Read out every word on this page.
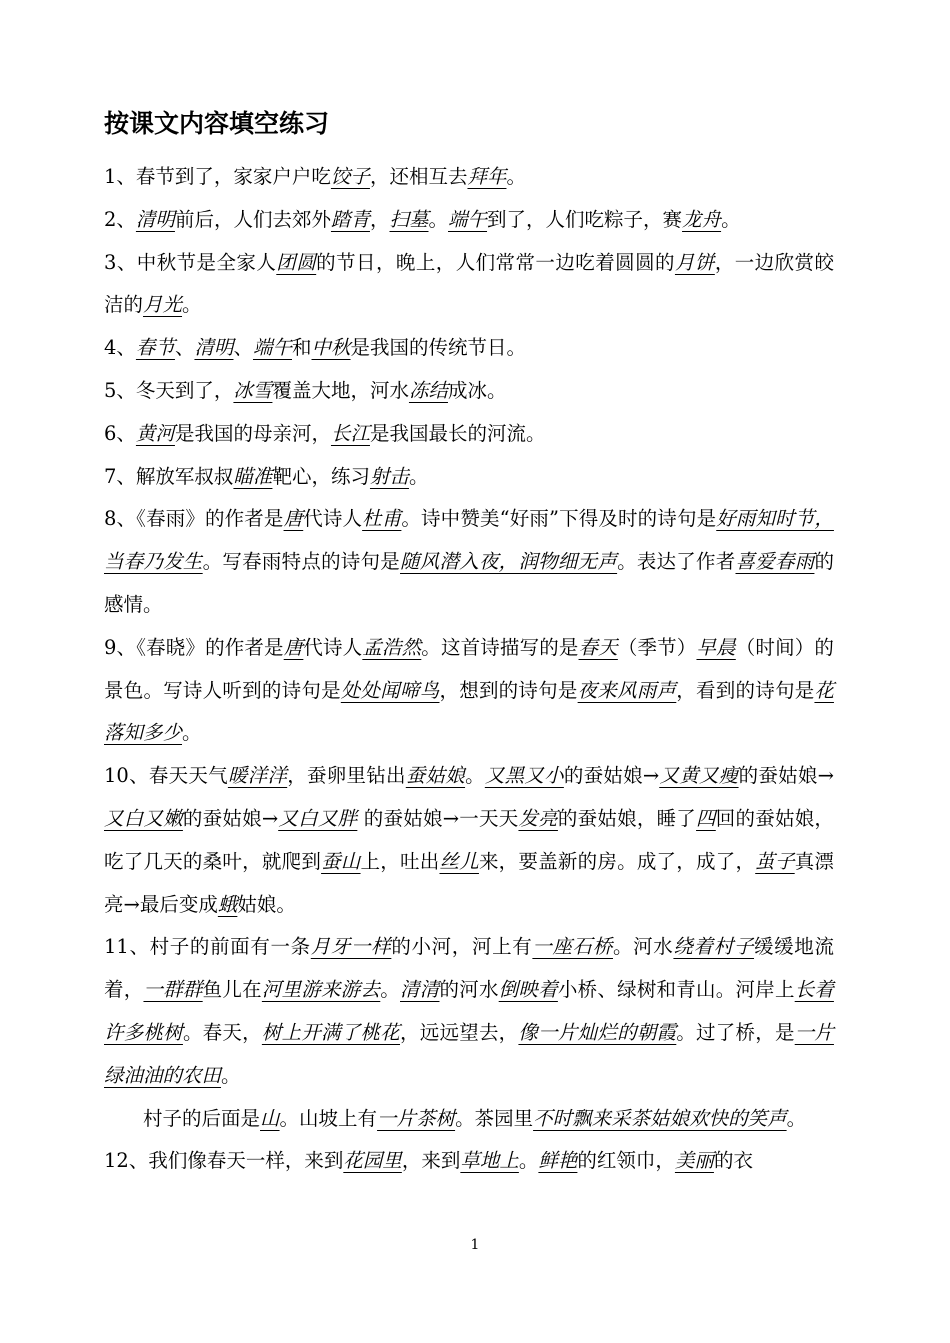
按课文内容填空练习

1、春节到了，家家户户吃饺子，还相互去拜年。

2、清明前后，人们去郊外踏青，扫墓。端午到了，人们吃粽子，赛龙舟。

3、中秋节是全家人团圆的节日，晚上，人们常常一边吃着圆圆的月饼，一边欣赏皎洁的月光。

4、春节、清明、端午和中秋是我国的传统节日。

5、冬天到了，冰雪覆盖大地，河水冻结成冰。

6、黄河是我国的母亲河，长江是我国最长的河流。

7、解放军叔叔瞄准靶心，练习射击。

8、《春雨》的作者是唐代诗人杜甫。诗中赞美“好雨”下得及时的诗句是好雨知时节，当春乃发生。写春雨特点的诗句是随风潜入夜，润物细无声。表达了作者喜爱春雨的感情。

9、《春晓》的作者是唐代诗人孟浩然。这首诗描写的是春天（季节）早晨（时间）的景色。写诗人听到的诗句是处处闻啼鸟，想到的诗句是夜来风雨声，看到的诗句是花落知多少。

10、春天天气暖洋洋，蚕卵里钻出蚕姑娘。又黑又小的蚕姑娘→又黄又瘦的蚕姑娘→又白又嫩的蚕姑娘→又白又胖 的蚕姑娘→一天天发亮的蚕姑娘，睡了四回的蚕姑娘，吃了几天的桑叶，就爬到蚕山上，吐出丝儿来，要盖新的房。成了，成了，茧子真漂亮→最后变成蛾姑娘。

11、村子的前面有一条月牙一样的小河，河上有一座石桥。河水绕着村子缓缓地流着，一群群鱼儿在河里游来游去。清清的河水倒映着小桥、绿树和青山。河岸上长着许多桃树。春天，树上开满了桃花，远远望去，像一片灿烂的朝霞。过了桥，是一片绿油油的农田。

村子的后面是山。山坡上有一片茶树。茶园里不时飘来采茶姑娘欢快的笑声。

12、我们像春天一样，来到花园里，来到草地上。鲜艳的红领巾，美丽的衣

1
